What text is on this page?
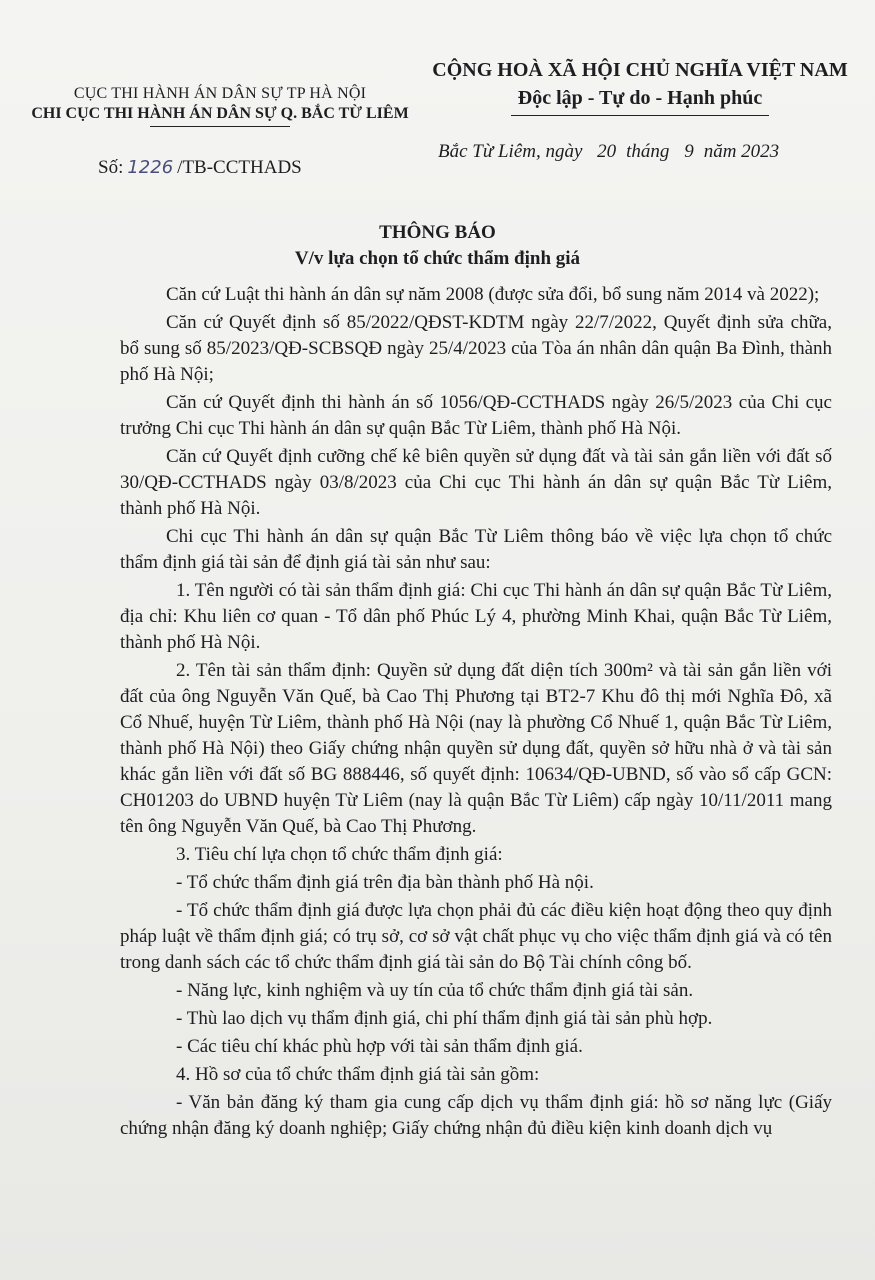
CỤC THI HÀNH ÁN DÂN SỰ TP HÀ NỘI
CHI CỤC THI HÀNH ÁN DÂN SỰ Q. BẮC TỪ LIÊM
CỘNG HOÀ XÃ HỘI CHỦ NGHĨA VIỆT NAM
Độc lập - Tự do - Hạnh phúc
Số: 1226 /TB-CCTHADS
Bắc Từ Liêm, ngày 20 tháng 9 năm 2023
THÔNG BÁO
V/v lựa chọn tổ chức thẩm định giá

Căn cứ Luật thi hành án dân sự năm 2008 (được sửa đổi, bổ sung năm 2014 và 2022);

Căn cứ Quyết định số 85/2022/QĐST-KDTM ngày 22/7/2022, Quyết định sửa chữa, bổ sung số 85/2023/QĐ-SCBSQĐ ngày 25/4/2023 của Tòa án nhân dân quận Ba Đình, thành phố Hà Nội;

Căn cứ Quyết định thi hành án số 1056/QĐ-CCTHADS ngày 26/5/2023 của Chi cục trưởng Chi cục Thi hành án dân sự quận Bắc Từ Liêm, thành phố Hà Nội.

Căn cứ Quyết định cưỡng chế kê biên quyền sử dụng đất và tài sản gắn liền với đất số 30/QĐ-CCTHADS ngày 03/8/2023 của Chi cục Thi hành án dân sự quận Bắc Từ Liêm, thành phố Hà Nội.

Chi cục Thi hành án dân sự quận Bắc Từ Liêm thông báo về việc lựa chọn tổ chức thẩm định giá tài sản để định giá tài sản như sau:

1. Tên người có tài sản thẩm định giá: Chi cục Thi hành án dân sự quận Bắc Từ Liêm, địa chỉ: Khu liên cơ quan - Tổ dân phố Phúc Lý 4, phường Minh Khai, quận Bắc Từ Liêm, thành phố Hà Nội.

2. Tên tài sản thẩm định: Quyền sử dụng đất diện tích 300m² và tài sản gắn liền với đất của ông Nguyễn Văn Quế, bà Cao Thị Phương tại BT2-7 Khu đô thị mới Nghĩa Đô, xã Cổ Nhuế, huyện Từ Liêm, thành phố Hà Nội (nay là phường Cổ Nhuế 1, quận Bắc Từ Liêm, thành phố Hà Nội) theo Giấy chứng nhận quyền sử dụng đất, quyền sở hữu nhà ở và tài sản khác gắn liền với đất số BG 888446, số quyết định: 10634/QĐ-UBND, số vào sổ cấp GCN: CH01203 do UBND huyện Từ Liêm (nay là quận Bắc Từ Liêm) cấp ngày 10/11/2011 mang tên ông Nguyễn Văn Quế, bà Cao Thị Phương.

3. Tiêu chí lựa chọn tổ chức thẩm định giá:

- Tổ chức thẩm định giá trên địa bàn thành phố Hà nội.

- Tổ chức thẩm định giá được lựa chọn phải đủ các điều kiện hoạt động theo quy định pháp luật về thẩm định giá; có trụ sở, cơ sở vật chất phục vụ cho việc thẩm định giá và có tên trong danh sách các tổ chức thẩm định giá tài sản do Bộ Tài chính công bố.

- Năng lực, kinh nghiệm và uy tín của tổ chức thẩm định giá tài sản.

- Thù lao dịch vụ thẩm định giá, chi phí thẩm định giá tài sản phù hợp.

- Các tiêu chí khác phù hợp với tài sản thẩm định giá.

4. Hồ sơ của tổ chức thẩm định giá tài sản gồm:

- Văn bản đăng ký tham gia cung cấp dịch vụ thẩm định giá: hồ sơ năng lực (Giấy chứng nhận đăng ký doanh nghiệp; Giấy chứng nhận đủ điều kiện kinh doanh dịch vụ
